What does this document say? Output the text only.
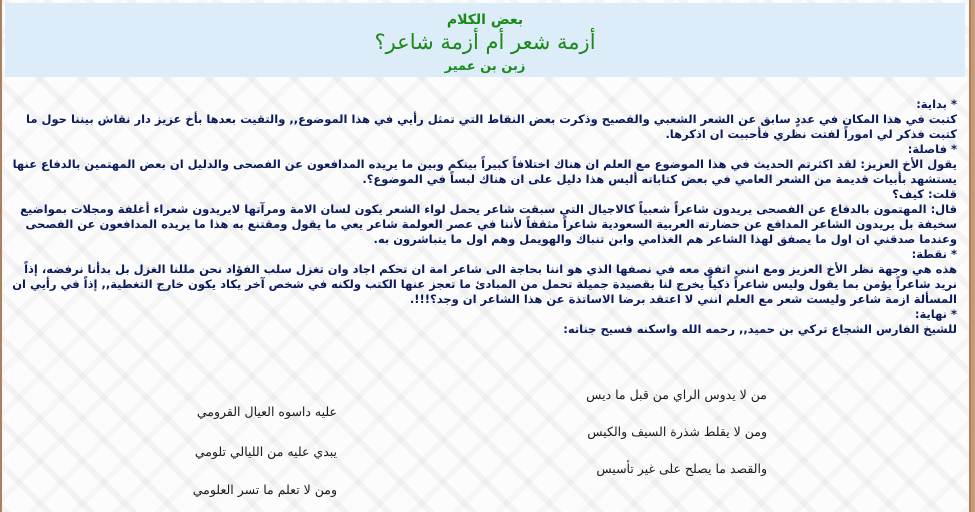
بعض الكلام
أزمة شعر أم أزمة شاعر؟
زبن بن عمير

* بداية:

كتبت في هذا المكان في عددٍ سابق عن الشعر الشعبي والفصيح وذكرت بعض النقاط التي تمثل رأيي في هذا الموضوع,, والتقيت بعدها بأخ عزيز دار نقاش بيننا حول ما كتبت فذكر لي اموراً لفتت نظري فأحببت ان اذكرها.

* فاصلة:

يقول الأخ العزيز: لقد اكثرتم الحديث في هذا الموضوع مع العلم ان هناك اختلافاً كبيراً بينكم وبين ما يريده المدافعون عن الفصحى والدليل ان بعض المهتمين بالدفاع عنها يستشهد بأبيات قديمة من الشعر العامي في بعض كتاباته أليس هذا دليل على ان هناك لبساً في الموضوع؟.

قلت: كيف؟

قال: المهتمون بالدفاع عن الفصحى يريدون شاعراً شعبياً كالاجيال التي سبقت شاعر يحمل لواء الشعر يكون لسان الامة ومرآتها لايريدون شعراء أغلفة ومجلات بمواضيع سخيفة بل يريدون الشاعر المدافع عن حضارته العربية السعودية شاعراً مثقفاً لأننا في عصر العولمة شاعر يعي ما يقول ومقتنع به هذا ما يريده المدافعون عن الفصحى وعندما صدقني ان اول ما يصفق لهذا الشاعر هم الغذامي وابن تنباك والهويمل وهم اول ما يتباشرون به.

* نقطة:

هذه هي وجهة نظر الأخ العزيز ومع انني اتفق معه في نصفها الذي هو اننا بحاجة الى شاعر امة ان تحكم اجاد وان تغزل سلب الفؤاد نحن مللنا الغزل بل بدأنا نرفضه، إذاً نريد شاعراً يؤمن بما يقول وليس شاعراً ذكياً يخرج لنا بقصيدة جميلة تحمل من المبادئ ما تعجز عنها الكتب ولكنه في شخص آخر يكاد يكون خارج التغطية,, إذاً في رأيي ان المسألة ازمة شاعر وليست شعر مع العلم انني لا اعتقد برضا الاساتذة عن هذا الشاعر ان وجد؟!!!.

* نهاية:

للشيخ الفارس الشجاع تركي بن حميد,, رحمه الله واسكنه فسيح جناته:

من لا يدوس الراي من قبل ما ديس
ومن لا يقلط شذرة السيف والكيس
والقصد ما يصلح على غير تأسيس
عليه داسوه العيال القرومي
يبدي عليه من الليالي تلومي
ومن لا تعلم ما تسر العلومي
